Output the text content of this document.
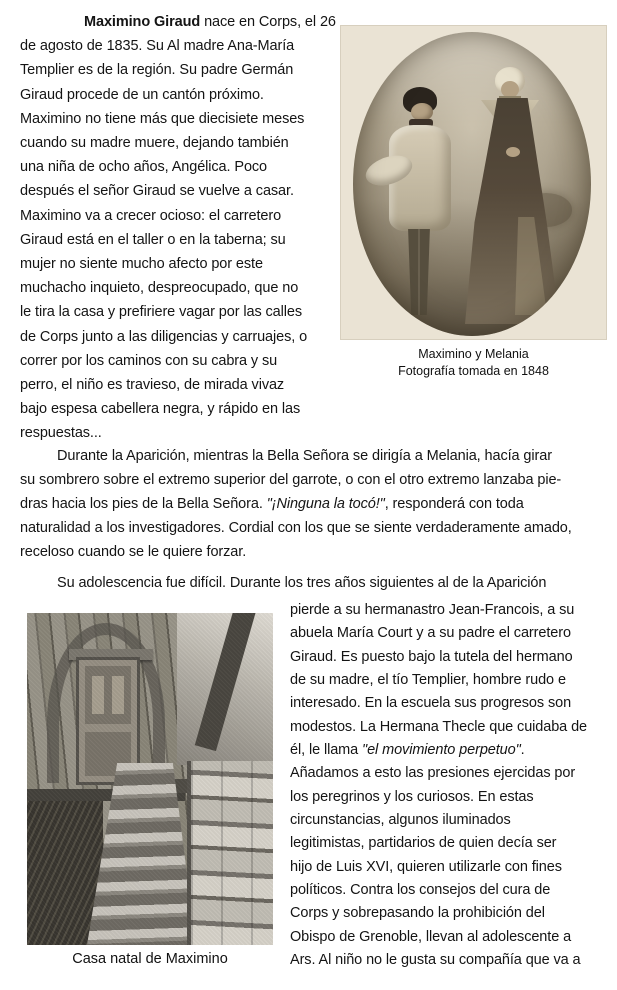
Maximino Giraud nace en Corps, el 26
de agosto de 1835. Su Al madre Ana-María
Templier es de la región. Su padre Germán
Giraud procede de un cantón próximo.
Maximino no tiene más que diecisiete meses
cuando su madre muere, dejando también
una niña de ocho años, Angélica. Poco
después el señor Giraud se vuelve a casar.
Maximino va a crecer ocioso: el carretero
Giraud está en el taller o en la taberna; su
mujer no siente mucho afecto por este
muchacho inquieto, despreocupado, que no
le tira la casa y prefiriere vagar por las calles
de Corps junto a las diligencias y carruajes, o
correr por los caminos con su cabra y su
perro, el niño es travieso, de mirada vivaz
bajo espesa cabellera negra, y rápido en las
respuestas...
Maximino y Melania
Fotografía tomada en 1848
Durante la Aparición, mientras la Bella Señora se dirigía a Melania, hacía girar
su sombrero sobre el extremo superior del garrote, o con el otro extremo lanzaba pie-
dras hacia los pies de la Bella Señora. "¡Ninguna la tocó!", responderá con toda
naturalidad a los investigadores. Cordial con los que se siente verdaderamente amado,
receloso cuando se le quiere forzar.
Su adolescencia fue difícil. Durante los tres años siguientes al de la Aparición
Casa natal de Maximino
pierde a su hermanastro Jean-Francois, a su
abuela María Court y a su padre el carretero
Giraud. Es puesto bajo la tutela del hermano
de su madre, el tío Templier, hombre rudo e
interesado. En la escuela sus progresos son
modestos. La Hermana Thecle que cuidaba de
él, le llama "el movimiento perpetuo".
Añadamos a esto las presiones ejercidas por
los peregrinos y los curiosos. En estas
circunstancias, algunos iluminados
legitimistas, partidarios de quien decía ser
hijo de Luis XVI, quieren utilizarle con fines
políticos. Contra los consejos del cura de
Corps y sobrepasando la prohibición del
Obispo de Grenoble, llevan al adolescente a
Ars. Al niño no le gusta su compañía que va a
